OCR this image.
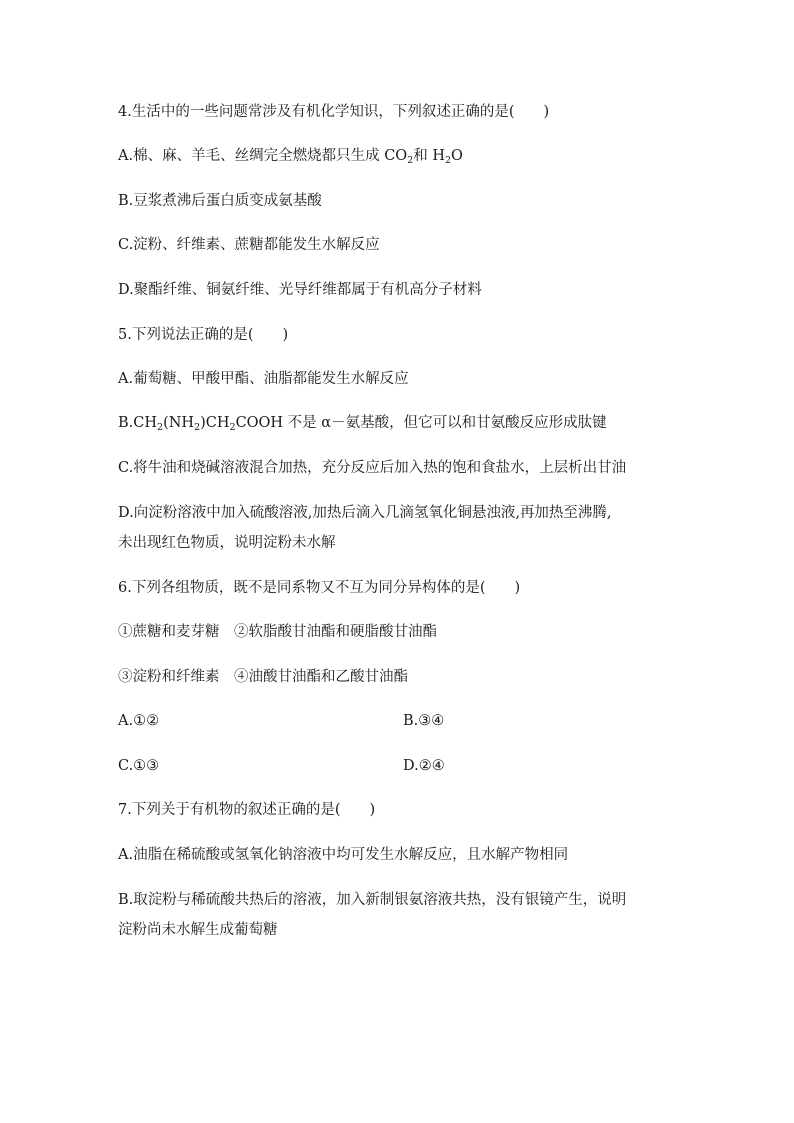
4.生活中的一些问题常涉及有机化学知识，下列叙述正确的是(　　)
A.棉、麻、羊毛、丝绸完全燃烧都只生成 $CO_2$和 $H_2O$
B.豆浆煮沸后蛋白质变成氨基酸
C.淀粉、纤维素、蔗糖都能发生水解反应
D.聚酯纤维、铜氨纤维、光导纤维都属于有机高分子材料
5.下列说法正确的是(　　)
A.葡萄糖、甲酸甲酯、油脂都能发生水解反应
$B.CH_2(NH_2)CH_2COOH$ 不是 α－氨基酸，但它可以和甘氨酸反应形成肽键
C.将牛油和烧碱溶液混合加热，充分反应后加入热的饱和食盐水，上层析出甘油
D.向淀粉溶液中加入硫酸溶液,加热后滴入几滴氢氧化铜悬浊液,再加热至沸腾,
未出现红色物质，说明淀粉未水解
6.下列各组物质，既不是同系物又不互为同分异构体的是(　　)
①蔗糖和麦芽糖　②软脂酸甘油酯和硬脂酸甘油酯
③淀粉和纤维素　④油酸甘油酯和乙酸甘油酯
A.①②	B.③④
C.①③	D.②④
7.下列关于有机物的叙述正确的是(　　)
A.油脂在稀硫酸或氢氧化钠溶液中均可发生水解反应，且水解产物相同
B.取淀粉与稀硫酸共热后的溶液，加入新制银氨溶液共热，没有银镜产生，说明
淀粉尚未水解生成葡萄糖
